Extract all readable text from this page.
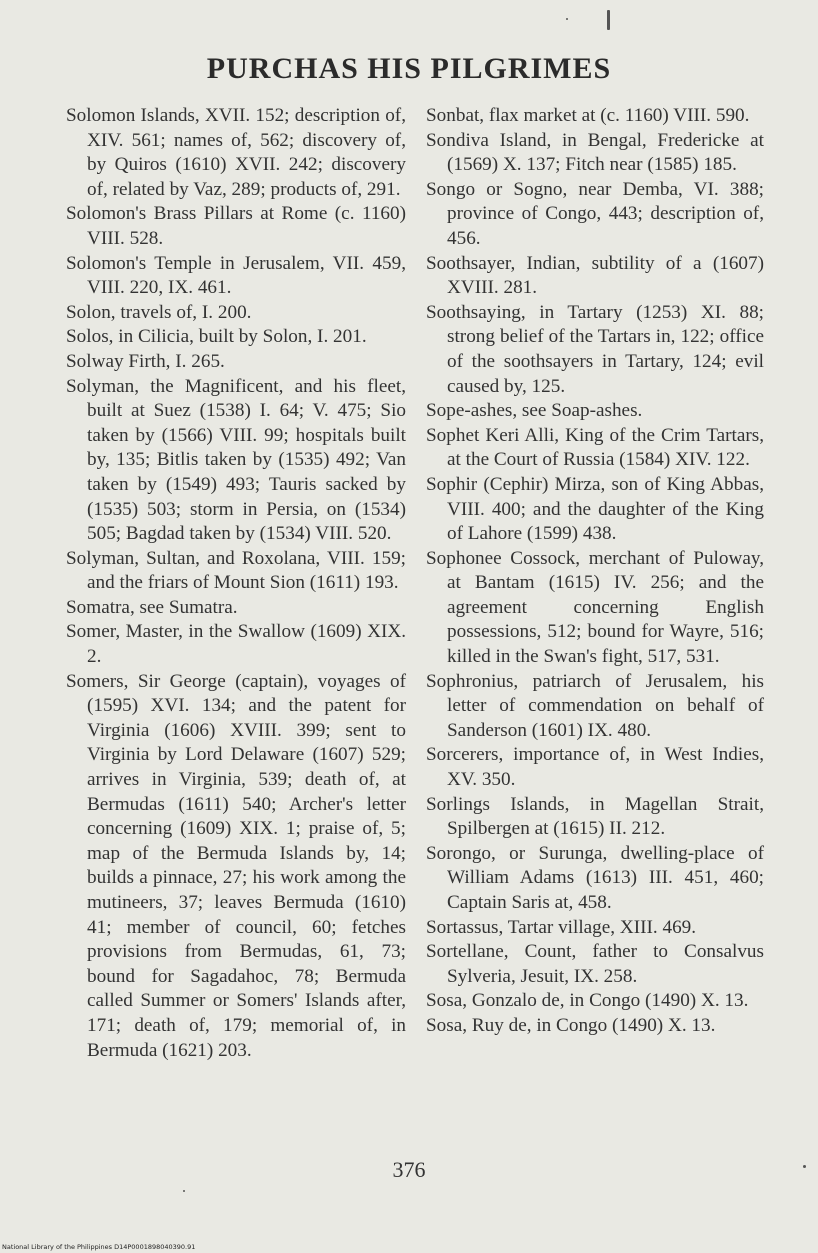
PURCHAS HIS PILGRIMES

Solomon Islands, XVII. 152; description of, XIV. 561; names of, 562; discovery of, by Quiros (1610) XVII. 242; discovery of, related by Vaz, 289; products of, 291.

Solomon's Brass Pillars at Rome (c. 1160) VIII. 528.

Solomon's Temple in Jerusalem, VII. 459, VIII. 220, IX. 461.

Solon, travels of, I. 200.

Solos, in Cilicia, built by Solon, I. 201.

Solway Firth, I. 265.

Solyman, the Magnificent, and his fleet, built at Suez (1538) I. 64; V. 475; Sio taken by (1566) VIII. 99; hospitals built by, 135; Bitlis taken by (1535) 492; Van taken by (1549) 493; Tauris sacked by (1535) 503; storm in Persia, on (1534) 505; Bagdad taken by (1534) VIII. 520.

Solyman, Sultan, and Roxolana, VIII. 159; and the friars of Mount Sion (1611) 193.

Somatra, see Sumatra.

Somer, Master, in the Swallow (1609) XIX. 2.

Somers, Sir George (captain), voyages of (1595) XVI. 134; and the patent for Virginia (1606) XVIII. 399; sent to Virginia by Lord Delaware (1607) 529; arrives in Virginia, 539; death of, at Bermudas (1611) 540; Archer's letter concerning (1609) XIX. 1; praise of, 5; map of the Bermuda Islands by, 14; builds a pinnace, 27; his work among the mutineers, 37; leaves Bermuda (1610) 41; member of council, 60; fetches provisions from Bermudas, 61, 73; bound for Sagadahoc, 78; Bermuda called Summer or Somers' Islands after, 171; death of, 179; memorial of, in Bermuda (1621) 203.

Sonbat, flax market at (c. 1160) VIII. 590.

Sondiva Island, in Bengal, Fredericke at (1569) X. 137; Fitch near (1585) 185.

Songo or Sogno, near Demba, VI. 388; province of Congo, 443; description of, 456.

Soothsayer, Indian, subtility of a (1607) XVIII. 281.

Soothsaying, in Tartary (1253) XI. 88; strong belief of the Tartars in, 122; office of the soothsayers in Tartary, 124; evil caused by, 125.

Sope-ashes, see Soap-ashes.

Sophet Keri Alli, King of the Crim Tartars, at the Court of Russia (1584) XIV. 122.

Sophir (Cephir) Mirza, son of King Abbas, VIII. 400; and the daughter of the King of Lahore (1599) 438.

Sophonee Cossock, merchant of Puloway, at Bantam (1615) IV. 256; and the agreement concerning English possessions, 512; bound for Wayre, 516; killed in the Swan's fight, 517, 531.

Sophronius, patriarch of Jerusalem, his letter of commendation on behalf of Sanderson (1601) IX. 480.

Sorcerers, importance of, in West Indies, XV. 350.

Sorlings Islands, in Magellan Strait, Spilbergen at (1615) II. 212.

Sorongo, or Surunga, dwelling-place of William Adams (1613) III. 451, 460; Captain Saris at, 458.

Sortassus, Tartar village, XIII. 469.

Sortellane, Count, father to Consalvus Sylveria, Jesuit, IX. 258.

Sosa, Gonzalo de, in Congo (1490) X. 13.

Sosa, Ruy de, in Congo (1490) X. 13.

376
National Library of the Philippines D14P0001898040390.91
